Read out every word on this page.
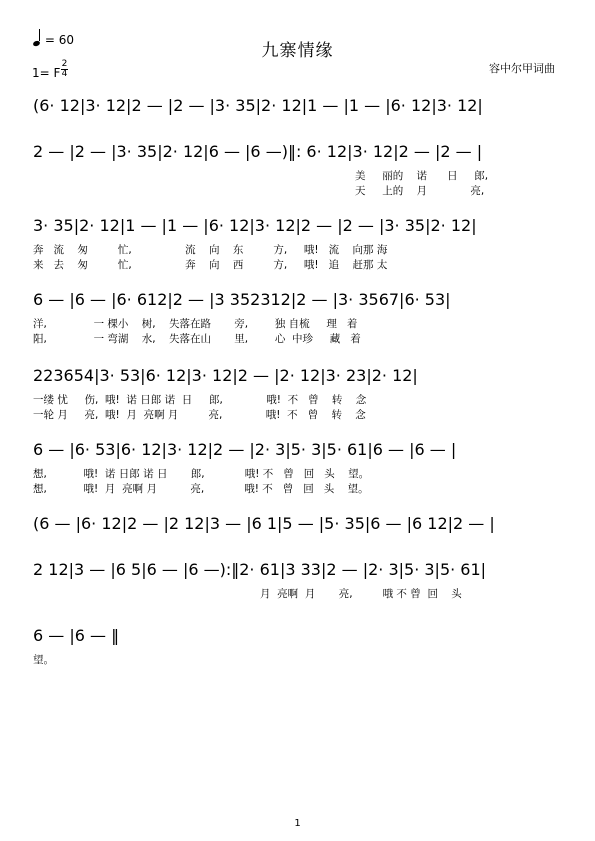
= 60
九寨情缘
1= F
2
4	容中尔甲词曲
(6· 12|3· 12|2 — |2 — |3· 35|2· 12|1 — |1 — |6· 12|3· 12|
2 — |2 — |3· 35|2· 12|6 — |6 —)‖: 6· 12|3· 12|2 — |2 — |
美     丽的    诺      日     郎,
天     上的    月             亮,
3· 35|2· 12|1 — |1 — |6· 12|3· 12|2 — |2 — |3· 35|2· 12|
奔   流    匆         忙,                流    向    东         方,     哦!   流    向那 海
来   去    匆         忙,                奔    向    西         方,     哦!   追    赶那 太
6 — |6 — |6· 612|2 — |3 352312|2 — |3· 3567|6· 53|
洋,              一 棵小    树,    失落在路       旁,        独 自梳     理   着
阳,              一 弯湖    水,    失落在山       里,        心  中珍     藏   着
223654|3· 53|6· 12|3· 12|2 — |2· 12|3· 23|2· 12|
一缕 忧     伤,  哦!  诺 日郎 诺  日     郎,             哦!  不   曾    转    念
一轮 月     亮,  哦!  月  亮啊 月         亮,             哦!  不   曾    转    念
6 — |6· 53|6· 12|3· 12|2 — |2· 3|5· 3|5· 61|6 — |6 — |
想,           哦!  诺 日郎 诺 日       郎,            哦! 不   曾   回   头    望。
想,           哦!  月  亮啊 月          亮,            哦! 不   曾   回   头    望。
(6 — |6· 12|2 — |2 12|3 — |6 1|5 — |5· 35|6 — |6 12|2 — |
2 12|3 — |6 5|6 — |6 —):‖2· 61|3 33|2 — |2· 3|5· 3|5· 61|
月  亮啊  月       亮,         哦 不 曾  回    头
6 — |6 — ‖
望。
1
